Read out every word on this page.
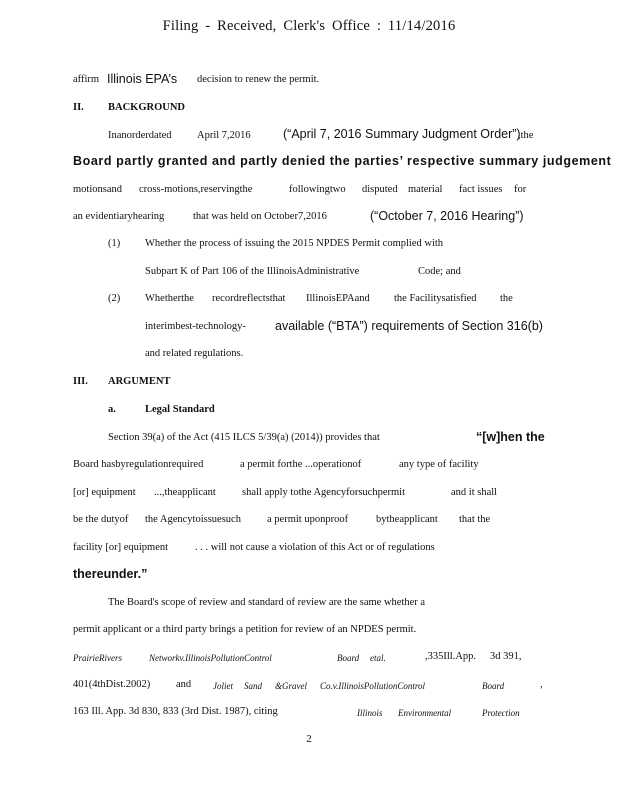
Filing - Received, Clerk's Office : 11/14/2016
affirm Illinois EPA’s decision to renew the permit.
II. BACKGROUND
Inanorderdated April 7,2016	(“April 7, 2016 Summary Judgment Order”)
,the
Board partly granted and partly denied the parties’ respective summary judgement
motionsand cross-motions,reservingthe	followingtwo disputed material fact issues for
an evidentiaryhearing	that was held on October7,2016	(“October 7, 2016 Hearing”)
(1) Whether the process of issuing the 2015 NPDES Permit complied with
Subpart K of Part 106 of the IllinoisAdministrative	Code; and
(2) Whetherthe recordreflectsthat IllinoisEPAand the Facilitysatisfied the
interimbest-technology- available (“BTA”) requirements of Section 316(b)
and related regulations.
III. ARGUMENT
a.	Legal Standard
Section 39(a) of the Act (415 ILCS 5/39(a) (2014)) provides that	“[w]hen the
Board hasbyregulationrequired	a permit forthe ...operationof	any type of facility
[or] equipment ...,theapplicant shall apply tothe Agencyforsuchpermit	and it shall
be the dutyof the Agencytoissuesuch a permit uponproof	bytheapplicant that the
facility [or] equipment	. . . will not cause a violation of this Act or of regulations
thereunder.”
The Board's scope of review and standard of review are the same whether a
permit applicant or a third party brings a petition for review of an NPDES permit.
PrairieRivers	Networkv.IllinoisPollutionControl	Board etal.	,335Ill.App. 3d 391,
401(4thDist.2002) and Joliet Sand &Gravel Co.v.IllinoisPollutionControl	Board	,
163 Ill. App. 3d 830, 833 (3rd Dist. 1987), citing	Illinois Environmental	Protection
2
